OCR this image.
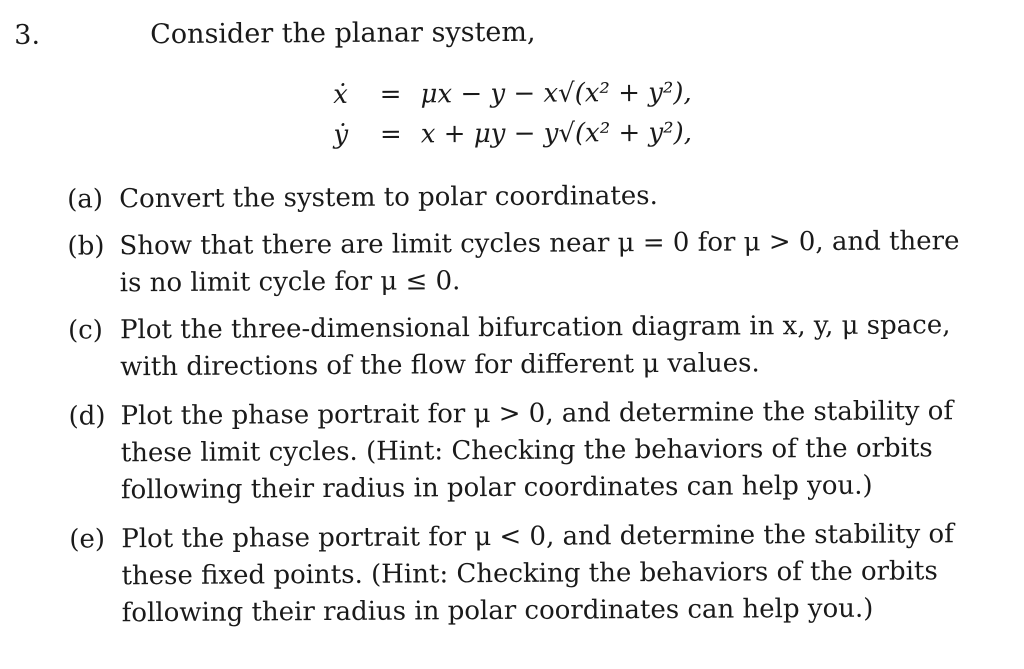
3.	Consider the planar system,
ẋ	= μx − y − x√(x² + y²),
ẏ	= x + μy − y√(x² + y²),
(a) Convert the system to polar coordinates.
(b) Show that there are limit cycles near μ = 0 for μ > 0, and there is no limit cycle for μ ≤ 0.
(c) Plot the three-dimensional bifurcation diagram in x, y, μ space, with directions of the flow for different μ values.
(d) Plot the phase portrait for μ > 0, and determine the stability of these limit cycles. (Hint: Checking the behaviors of the orbits following their radius in polar coordinates can help you.)
(e) Plot the phase portrait for μ < 0, and determine the stability of these fixed points. (Hint: Checking the behaviors of the orbits following their radius in polar coordinates can help you.)
